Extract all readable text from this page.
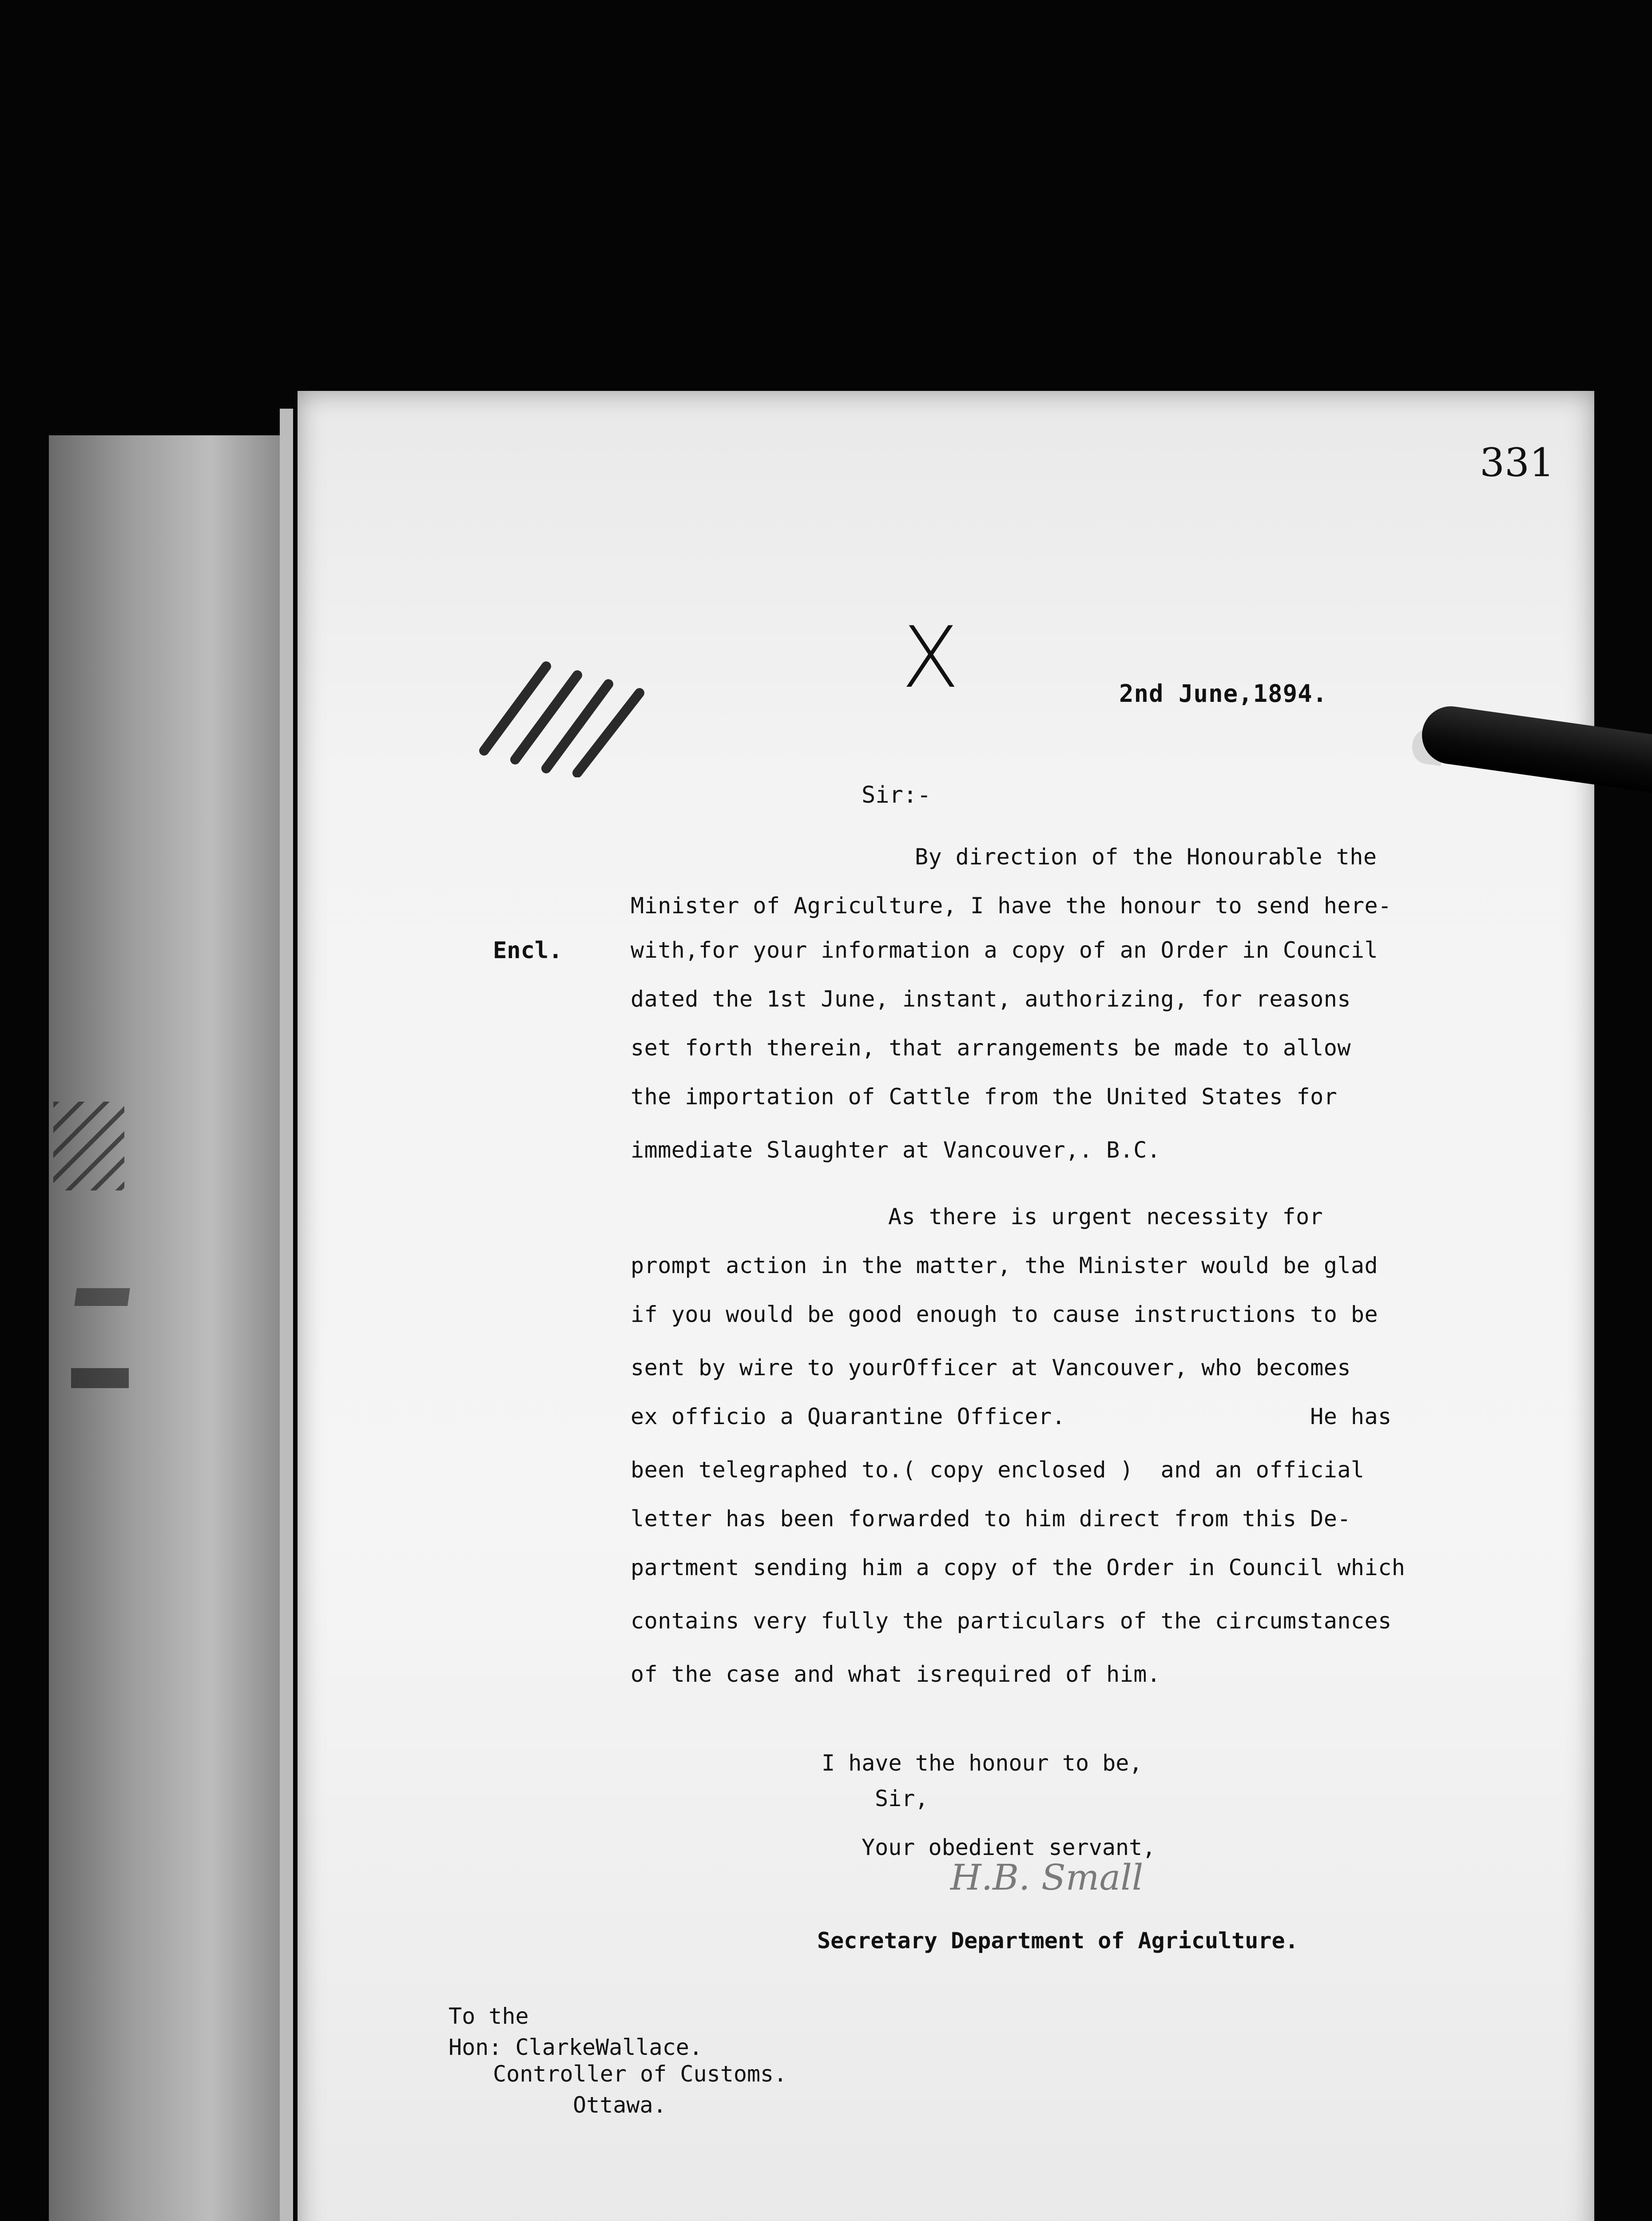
331
X	2nd June,1894.
Sir:-
Encl.
By direction of the Honourable the
Minister of Agriculture, I have the honour to send here-
with,for your information a copy of an Order in Council
dated the 1st June, instant, authorizing, for reasons
set forth therein, that arrangements be made to allow
the importation of Cattle from the United States for
immediate Slaughter at Vancouver,. B.C.
As there is urgent necessity for
prompt action in the matter, the Minister would be glad
if you would be good enough to cause instructions to be
sent by wire to yourOfficer at Vancouver, who becomes
ex officio a Quarantine Officer.                  He has
been telegraphed to.( copy enclosed )  and an official
letter has been forwarded to him direct from this De-
partment sending him a copy of the Order in Council which
contains very fully the particulars of the circumstances
of the case and what isrequired of him.
I have the honour to be,
Sir,
Your obedient servant,
H.B. Small
Secretary Department of Agriculture.
To the
Hon: ClarkeWallace.
Controller of Customs.
Ottawa.
